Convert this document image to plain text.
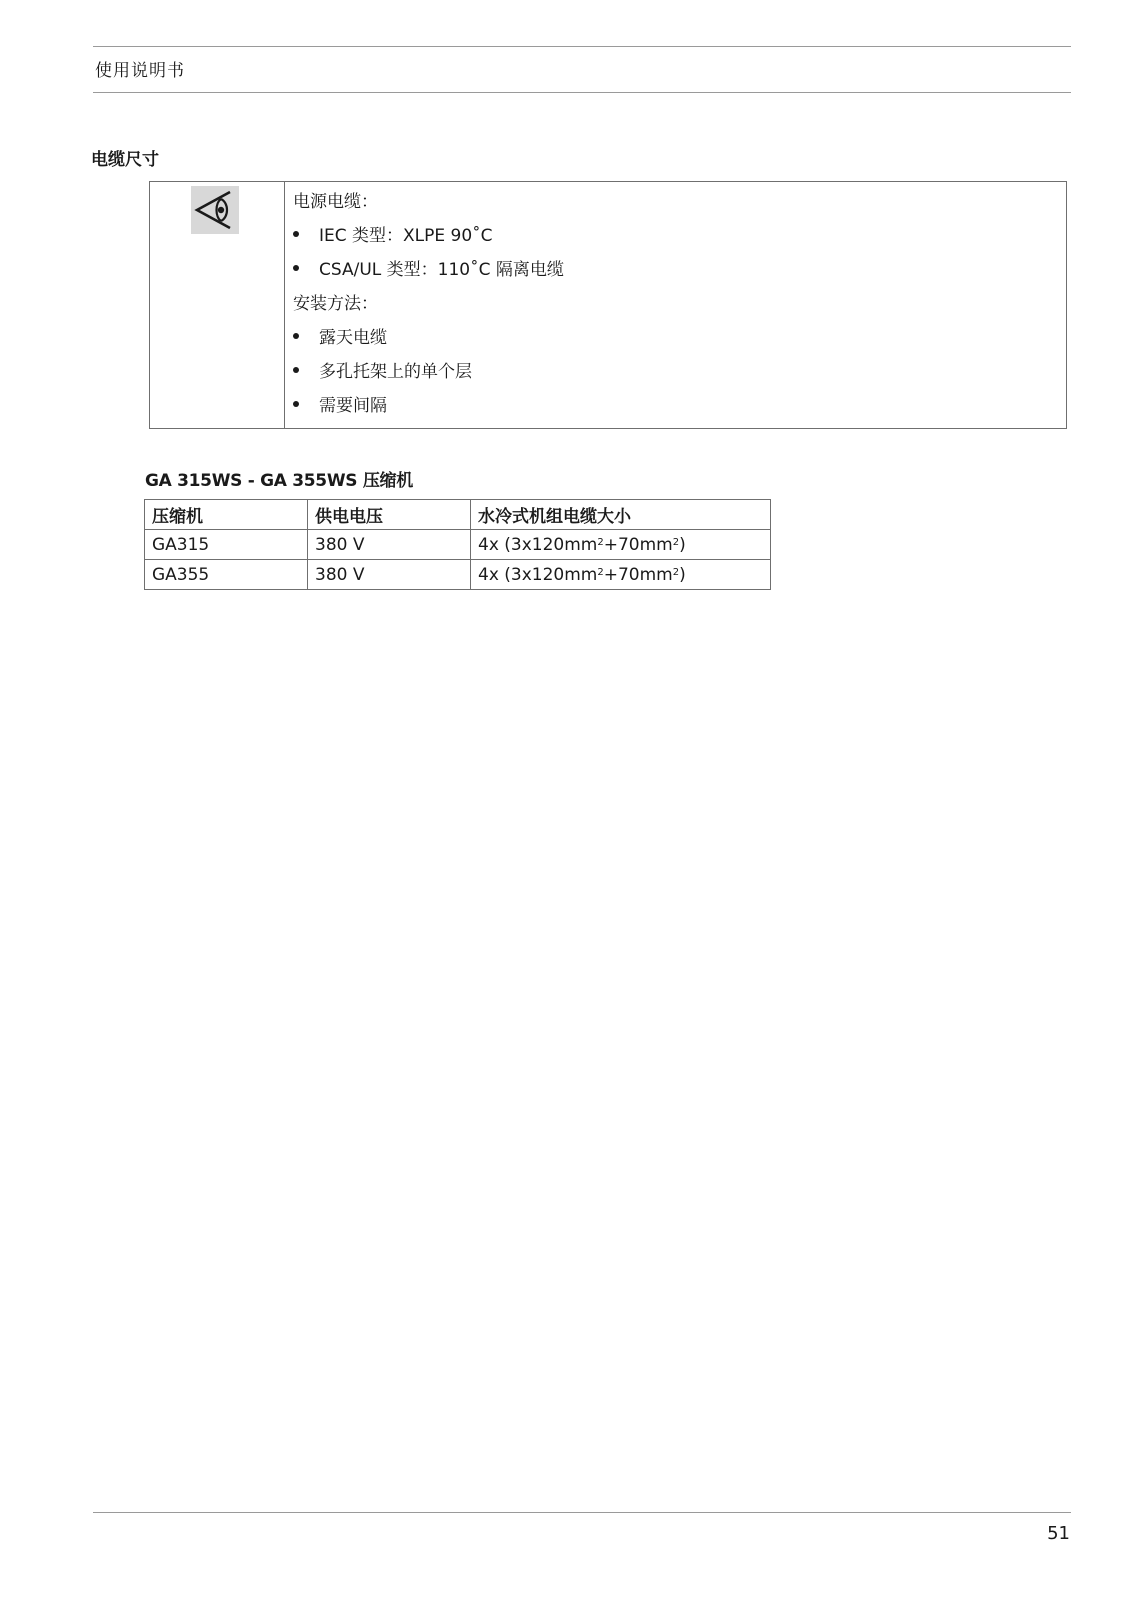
使用说明书
电缆尺寸
电源电缆：
IEC 类型：XLPE 90˚C
CSA/UL 类型：110˚C 隔离电缆
安装方法：
露天电缆
多孔托架上的单个层
需要间隔
GA 315WS - GA 355WS 压缩机
压缩机	供电电压	水冷式机组电缆大小
GA315	380 V	4x $(3x120mm^2+70mm^2)$
GA355	380 V	4x $(3x120mm^2+70mm^2)$
51
